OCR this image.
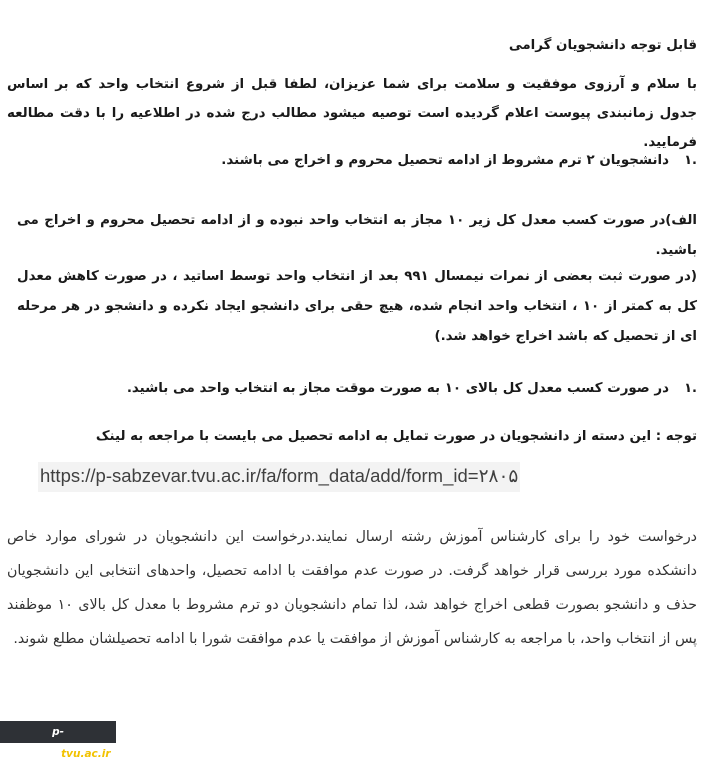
قابل توجه دانشجویان گرامی
با سلام و آرزوی موفقیت و سلامت برای شما عزیزان، لطفا قبل از شروع انتخاب واحد که بر اساس جدول زمانبندی پیوست اعلام گردیده است توصیه میشود مطالب درج شده در اطلاعیه را با دقت مطالعه فرمایید.
.۱
دانشجویان ۲ ترم مشروط از ادامه تحصیل محروم و اخراج می باشند.
الف)در صورت کسب معدل کل زیر ۱۰ مجاز به انتخاب واحد نبوده و از ادامه تحصیل محروم و اخراج می باشید.
(در صورت ثبت بعضی از نمرات نیمسال ۹۹۱ بعد از انتخاب واحد توسط اساتید ، در صورت کاهش معدل کل به کمتر از ۱۰ ، انتخاب واحد انجام شده، هیچ حقی برای دانشجو ایجاد نکرده و دانشجو در هر مرحله ای از تحصیل که باشد اخراج خواهد شد.)
.۱
در صورت کسب معدل کل بالای ۱۰ به صورت موقت مجاز به انتخاب واحد می باشید.
توجه : این دسته از دانشجویان در صورت تمایل به ادامه تحصیل می بایست با مراجعه به لینک
https://p-sabzevar.tvu.ac.ir/fa/form_data/add/form_id=۲۸۰۵
درخواست خود را برای کارشناس آموزش رشته ارسال نمایند.درخواست این دانشجویان در شورای موارد خاص دانشکده مورد بررسی قرار خواهد گرفت. در صورت عدم موافقت با ادامه تحصیل، واحدهای انتخابی این دانشجویان حذف و دانشجو بصورت قطعی اخراج خواهد شد، لذا تمام دانشجویان دو ترم مشروط با معدل کل بالای ۱۰ موظفند پس از انتخاب واحد، با مراجعه به کارشناس آموزش از موافقت یا عدم موافقت شورا با ادامه تحصیلشان مطلع شوند.
p-sabzevar.tvu.ac.ir
